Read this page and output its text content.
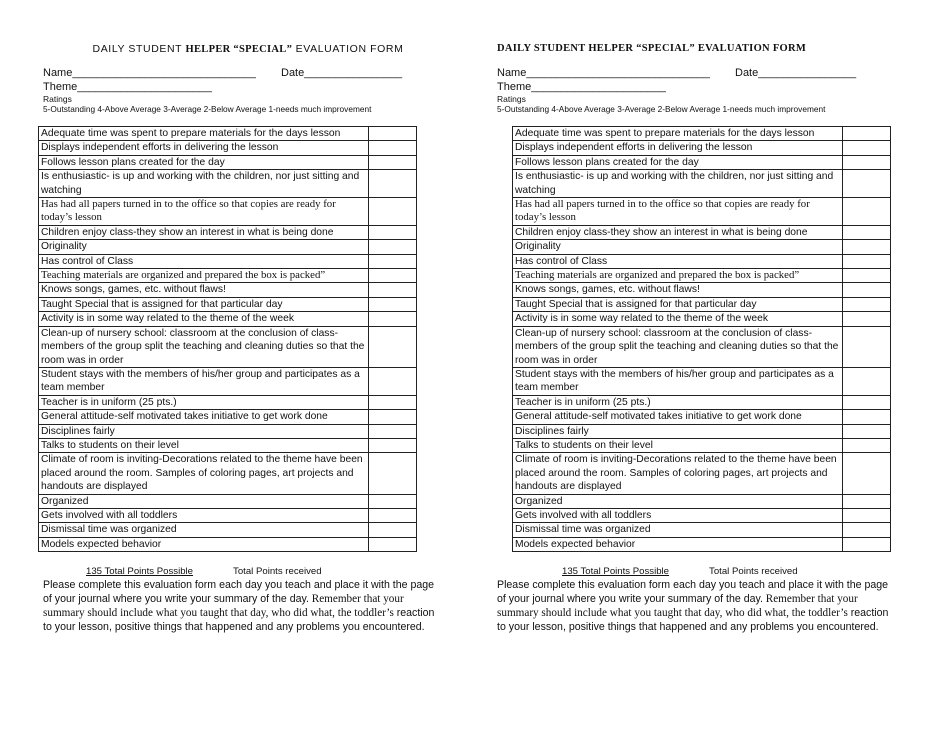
DAILY STUDENT HELPER “SPECIAL” EVALUATION FORM
Name______________________________ Date________________
Theme______________________
Ratings
5-Outstanding 4-Above Average 3-Average 2-Below Average 1-needs much improvement
Adequate time was spent to prepare materials for the days lesson	
Displays independent efforts in delivering the lesson	
Follows lesson plans created for the day	
Is enthusiastic- is up and working with the children, nor just sitting and watching	
Has had all papers turned in to the office so that copies are ready for today’s lesson	
Children enjoy class-they show an interest in what is being done	
Originality	
Has control of Class	
Teaching materials are organized and prepared the box is packed”	
Knows songs, games, etc. without flaws!	
Taught Special that is assigned for that particular day	
Activity is in some way related to the theme of the week	
Clean-up of nursery school: classroom at the conclusion of class- members of the group split the teaching and cleaning duties so that the room was in order	
Student stays with the members of his/her group and participates as a team member	
Teacher is in uniform (25 pts.)	
General attitude-self motivated takes initiative to get work done	
Disciplines fairly	
Talks to students on their level	
Climate of room is inviting-Decorations related to the theme have been placed around the room. Samples of coloring pages, art projects and handouts are displayed	
Organized	
Gets involved with all toddlers	
Dismissal time was organized	
Models expected behavior	
135 Total Points Possible	Total Points received
Please complete this evaluation form each day you teach and place it with the page of your journal where you write your summary of the day. Remember that your summary should include what you taught that day, who did what, the toddler’s reaction to your lesson, positive things that happened and any problems you encountered.
DAILY STUDENT HELPER “SPECIAL” EVALUATION FORM
Name______________________________ Date________________
Theme______________________
Ratings
5-Outstanding 4-Above Average 3-Average 2-Below Average 1-needs much improvement
Adequate time was spent to prepare materials for the days lesson	
Displays independent efforts in delivering the lesson	
Follows lesson plans created for the day	
Is enthusiastic- is up and working with the children, nor just sitting and watching	
Has had all papers turned in to the office so that copies are ready for today’s lesson	
Children enjoy class-they show an interest in what is being done	
Originality	
Has control of Class	
Teaching materials are organized and prepared the box is packed”	
Knows songs, games, etc. without flaws!	
Taught Special that is assigned for that particular day	
Activity is in some way related to the theme of the week	
Clean-up of nursery school: classroom at the conclusion of class- members of the group split the teaching and cleaning duties so that the room was in order	
Student stays with the members of his/her group and participates as a team member	
Teacher is in uniform (25 pts.)	
General attitude-self motivated takes initiative to get work done	
Disciplines fairly	
Talks to students on their level	
Climate of room is inviting-Decorations related to the theme have been placed around the room. Samples of coloring pages, art projects and handouts are displayed	
Organized	
Gets involved with all toddlers	
Dismissal time was organized	
Models expected behavior	
135 Total Points Possible	Total Points received
Please complete this evaluation form each day you teach and place it with the page of your journal where you write your summary of the day. Remember that your summary should include what you taught that day, who did what, the toddler’s reaction to your lesson, positive things that happened and any problems you encountered.
